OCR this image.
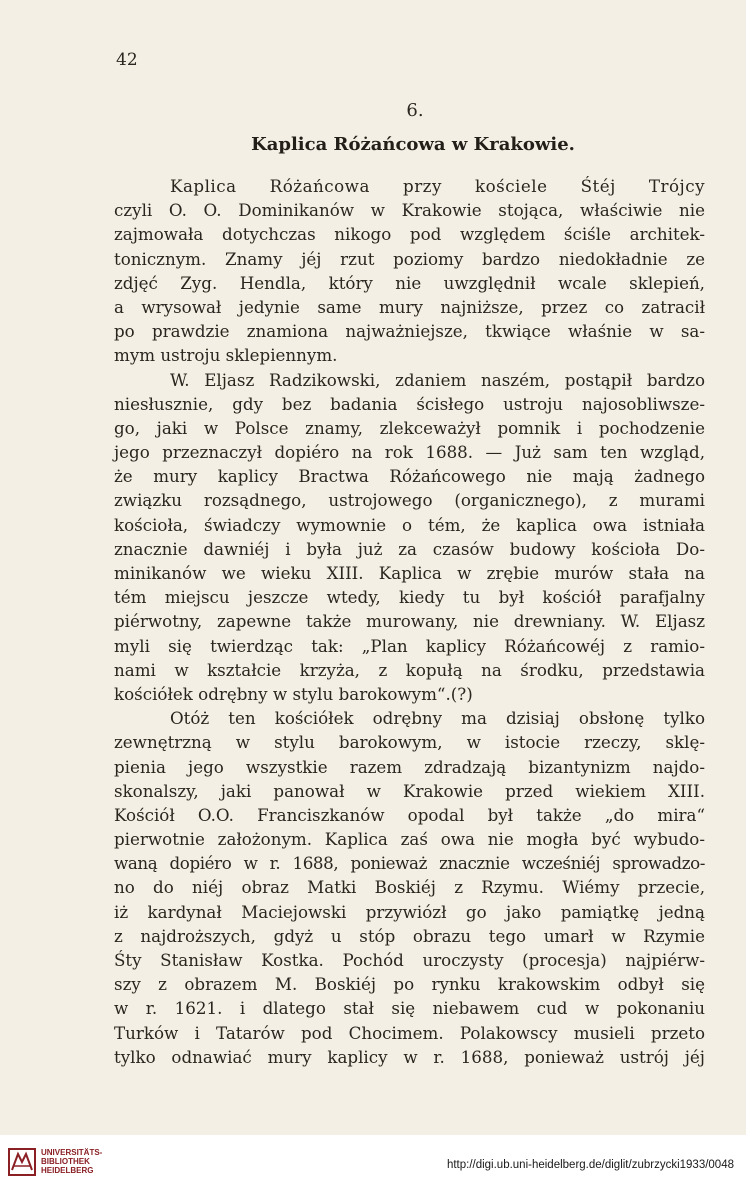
42
6.
Kaplica Różańcowa w Krakowie.
Kaplica Różańcowa przy kościele Śtéj Trójcy
czyli O. O. Dominikanów w Krakowie stojąca, właściwie nie
zajmowała dotychczas nikogo pod względem ściśle architek-
tonicznym. Znamy jéj rzut poziomy bardzo niedokładnie ze
zdjęć Zyg. Hendla, który nie uwzględnił wcale sklepień,
a wrysował jedynie same mury najniższe, przez co zatracił
po prawdzie znamiona najważniejsze, tkwiące właśnie w sa-
mym ustroju sklepiennym.
W. Eljasz Radzikowski, zdaniem naszém, postąpił bardzo
niesłusznie, gdy bez badania ścisłego ustroju najosobliwsze-
go, jaki w Polsce znamy, zlekceważył pomnik i pochodzenie
jego przeznaczył dopiéro na rok 1688. — Już sam ten wzgląd,
że mury kaplicy Bractwa Różańcowego nie mają żadnego
związku rozsądnego, ustrojowego (organicznego), z murami
kościoła, świadczy wymownie o tém, że kaplica owa istniała
znacznie dawniéj i była już za czasów budowy kościoła Do-
minikanów we wieku XIII. Kaplica w zrębie murów stała na
tém miejscu jeszcze wtedy, kiedy tu był kościół parafjalny
piérwotny, zapewne także murowany, nie drewniany. W. Eljasz
myli się twierdząc tak: „Plan kaplicy Różańcowéj z ramio-
nami w kształcie krzyża, z kopułą na środku, przedstawia
kościółek odrębny w stylu barokowym“.(?)
Otóż ten kościółek odrębny ma dzisiaj obsłonę tylko
zewnętrzną w stylu barokowym, w istocie rzeczy, sklę-
pienia jego wszystkie razem zdradzają bizantynizm najdo-
skonalszy, jaki panował w Krakowie przed wiekiem XIII.
Kościół O.O. Franciszkanów opodal był także „do mira“
pierwotnie założonym. Kaplica zaś owa nie mogła być wybudo-
waną dopiéro w r. 1688, ponieważ znacznie wcześniéj sprowadzo-
no do niéj obraz Matki Boskiéj z Rzymu. Wiémy przecie,
iż kardynał Maciejowski przywiózł go jako pamiątkę jedną
z najdroższych, gdyż u stóp obrazu tego umarł w Rzymie
Śty Stanisław Kostka. Pochód uroczysty (procesja) najpiérw-
szy z obrazem M. Boskiéj po rynku krakowskim odbył się
w r. 1621. i dlatego stał się niebawem cud w pokonaniu
Turków i Tatarów pod Chocimem. Polakowscy musieli przeto
tylko odnawiać mury kaplicy w r. 1688, ponieważ ustrój jéj
UNIVERSITÄTS-
BIBLIOTHEK
HEIDELBERG	http://digi.ub.uni-heidelberg.de/diglit/zubrzycki1933/0048
